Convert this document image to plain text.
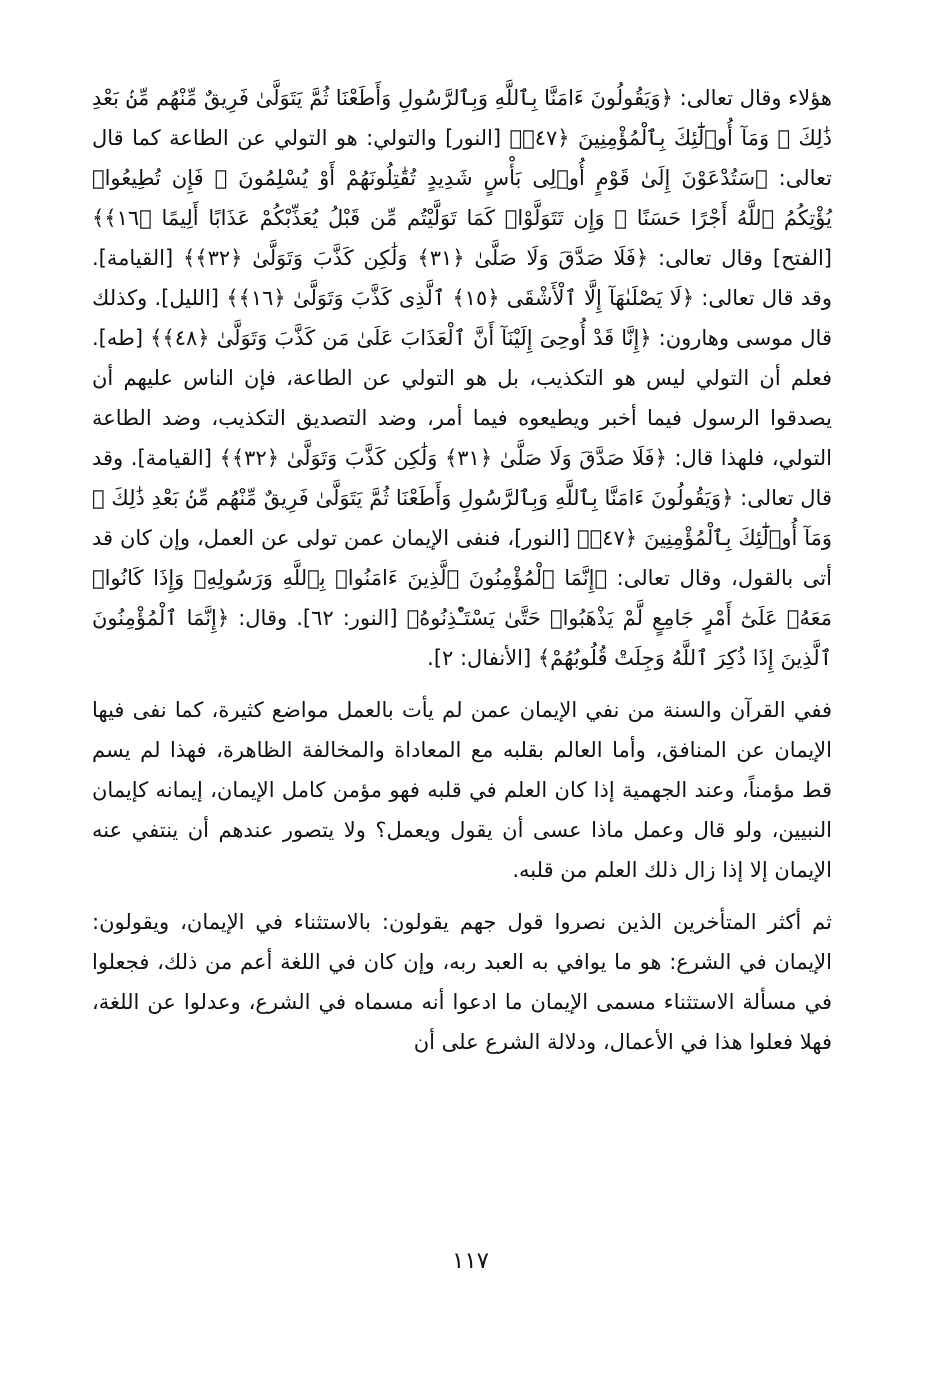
هؤلاء وقال تعالى: ﴿وَيَقُولُونَ ءَامَنَّا بِٱللَّهِ وَبِٱلرَّسُولِ وَأَطَعْنَا ثُمَّ يَتَوَلَّىٰ فَرِيقٌ مِّنْهُم مِّنۢ بَعْدِ ذَٰلِكَ ۚ وَمَآ أُو۟لَٰٓئِكَ بِٱلْمُؤْمِنِينَ ﴿٤٧﴾﴾ [النور] والتولي: هو التولي عن الطاعة كما قال تعالى: ﴿سَتُدْعَوْنَ إِلَىٰ قَوْمٍ أُو۟لِى بَأْسٍ شَدِيدٍ تُقَٰتِلُونَهُمْ أَوْ يُسْلِمُونَ ۖ فَإِن تُطِيعُوا۟ يُؤْتِكُمُ ٱللَّهُ أَجْرًا حَسَنًا ۖ وَإِن تَتَوَلَّوْا۟ كَمَا تَوَلَّيْتُم مِّن قَبْلُ يُعَذِّبْكُمْ عَذَابًا أَلِيمًا ﴿١٦﴾﴾ [الفتح] وقال تعالى: ﴿فَلَا صَدَّقَ وَلَا صَلَّىٰ ﴿٣١﴾ وَلَٰكِن كَذَّبَ وَتَوَلَّىٰ ﴿٣٢﴾﴾ [القيامة]. وقد قال تعالى: ﴿لَا يَصْلَىٰهَآ إِلَّا ٱلْأَشْقَى ﴿١٥﴾ ٱلَّذِى كَذَّبَ وَتَوَلَّىٰ ﴿١٦﴾﴾ [الليل]. وكذلك قال موسى وهارون: ﴿إِنَّا قَدْ أُوحِىَ إِلَيْنَآ أَنَّ ٱلْعَذَابَ عَلَىٰ مَن كَذَّبَ وَتَوَلَّىٰ ﴿٤٨﴾﴾ [طه]. فعلم أن التولي ليس هو التكذيب، بل هو التولي عن الطاعة، فإن الناس عليهم أن يصدقوا الرسول فيما أخبر ويطيعوه فيما أمر، وضد التصديق التكذيب، وضد الطاعة التولي، فلهذا قال: ﴿فَلَا صَدَّقَ وَلَا صَلَّىٰ ﴿٣١﴾ وَلَٰكِن كَذَّبَ وَتَوَلَّىٰ ﴿٣٢﴾﴾ [القيامة]. وقد قال تعالى: ﴿وَيَقُولُونَ ءَامَنَّا بِٱللَّهِ وَبِٱلرَّسُولِ وَأَطَعْنَا ثُمَّ يَتَوَلَّىٰ فَرِيقٌ مِّنْهُم مِّنۢ بَعْدِ ذَٰلِكَ ۚ وَمَآ أُو۟لَٰٓئِكَ بِٱلْمُؤْمِنِينَ ﴿٤٧﴾﴾ [النور]، فنفى الإيمان عمن تولى عن العمل، وإن كان قد أتى بالقول، وقال تعالى: ﴿إِنَّمَا ٱلْمُؤْمِنُونَ ٱلَّذِينَ ءَامَنُوا۟ بِٱللَّهِ وَرَسُولِهِۦ وَإِذَا كَانُوا۟ مَعَهُۥ عَلَىٰٓ أَمْرٍ جَامِعٍ لَّمْ يَذْهَبُوا۟ حَتَّىٰ يَسْتَـْٔذِنُوهُ﴾ [النور: ٦٢]. وقال: ﴿إِنَّمَا ٱلْمُؤْمِنُونَ ٱلَّذِينَ إِذَا ذُكِرَ ٱللَّهُ وَجِلَتْ قُلُوبُهُمْ﴾ [الأنفال: ٢].

ففي القرآن والسنة من نفي الإيمان عمن لم يأت بالعمل مواضع كثيرة، كما نفى فيها الإيمان عن المنافق، وأما العالم بقلبه مع المعاداة والمخالفة الظاهرة، فهذا لم يسم قط مؤمناً، وعند الجهمية إذا كان العلم في قلبه فهو مؤمن كامل الإيمان، إيمانه كإيمان النبيين، ولو قال وعمل ماذا عسى أن يقول ويعمل؟ ولا يتصور عندهم أن ينتفي عنه الإيمان إلا إذا زال ذلك العلم من قلبه.

ثم أكثر المتأخرين الذين نصروا قول جهم يقولون: بالاستثناء في الإيمان، ويقولون: الإيمان في الشرع: هو ما يوافي به العبد ربه، وإن كان في اللغة أعم من ذلك، فجعلوا في مسألة الاستثناء مسمى الإيمان ما ادعوا أنه مسماه في الشرع، وعدلوا عن اللغة، فهلا فعلوا هذا في الأعمال، ودلالة الشرع على أن

١١٧
